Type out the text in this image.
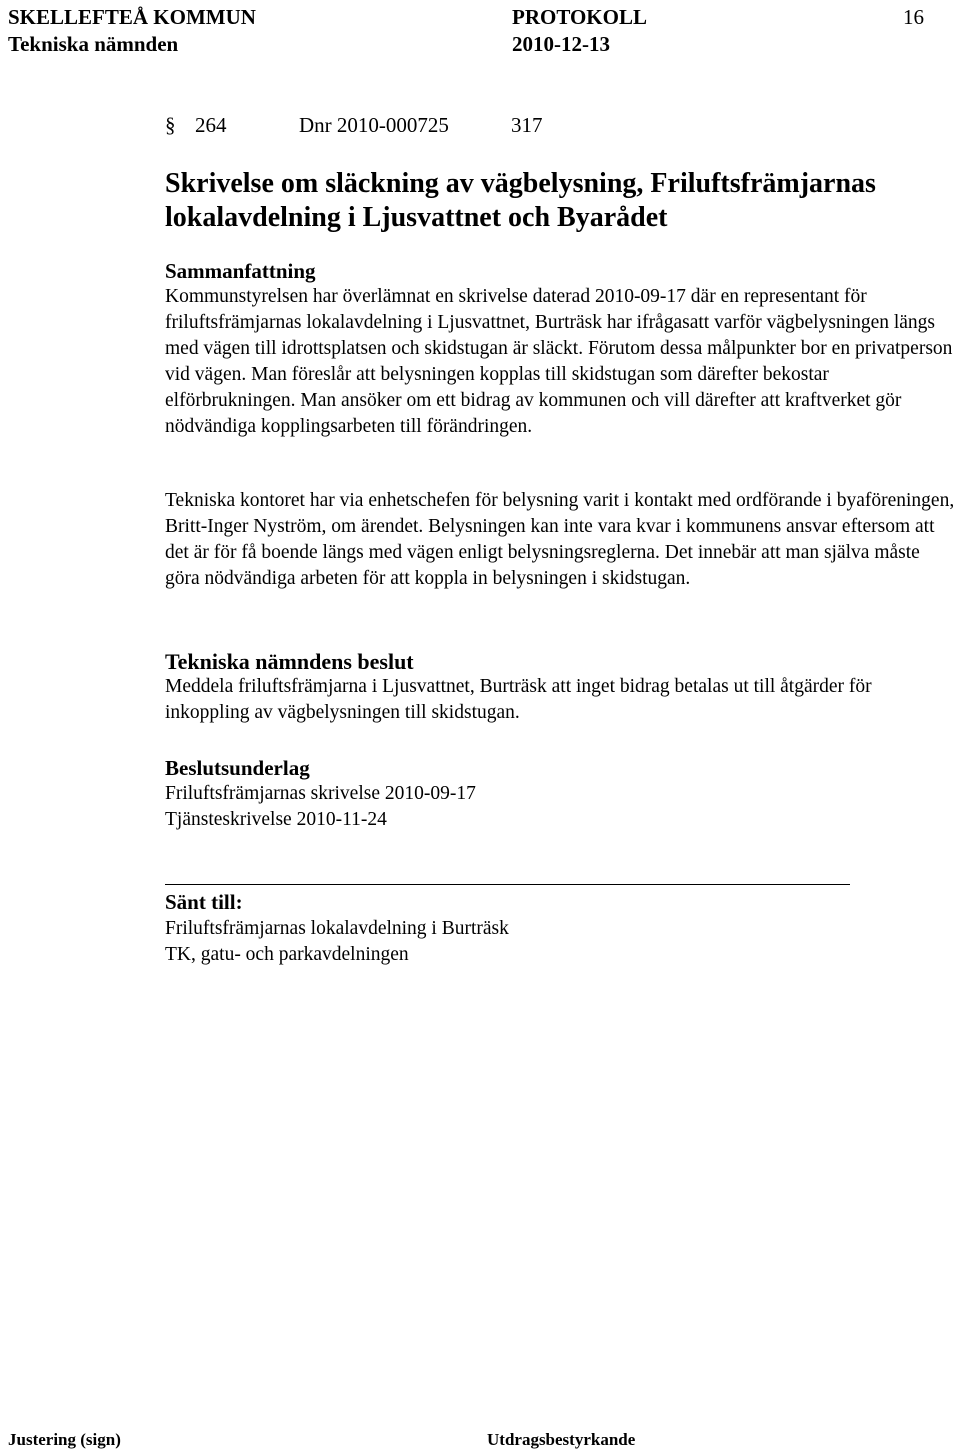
SKELLEFTEÅ KOMMUN	PROTOKOLL	16
Tekniska nämnden	2010-12-13
§ 264	Dnr 2010-000725	317
Skrivelse om släckning av vägbelysning, Friluftsfrämjarnas lokalavdelning i Ljusvattnet och Byarådet
Sammanfattning

Kommunstyrelsen har överlämnat en skrivelse daterad 2010-09-17 där en representant för friluftsfrämjarnas lokalavdelning i Ljusvattnet, Burträsk har ifrågasatt varför vägbelysningen längs med vägen till idrottsplatsen och skidstugan är släckt. Förutom dessa målpunkter bor en privatperson vid vägen. Man föreslår att belysningen kopplas till skidstugan som därefter bekostar elförbrukningen. Man ansöker om ett bidrag av kommunen och vill därefter att kraftverket gör nödvändiga kopplingsarbeten till förändringen.

Tekniska kontoret har via enhetschefen för belysning varit i kontakt med ordförande i byaföreningen, Britt-Inger Nyström, om ärendet. Belysningen kan inte vara kvar i kommunens ansvar eftersom att det är för få boende längs med vägen enligt belysningsreglerna. Det innebär att man själva måste göra nödvändiga arbeten för att koppla in belysningen i skidstugan.

Tekniska nämndens beslut

Meddela friluftsfrämjarna i Ljusvattnet, Burträsk att inget bidrag betalas ut till åtgärder för inkoppling av vägbelysningen till skidstugan.

Beslutsunderlag
Friluftsfrämjarnas skrivelse 2010-09-17
Tjänsteskrivelse 2010-11-24
Sänt till:
Friluftsfrämjarnas lokalavdelning i Burträsk
TK, gatu- och parkavdelningen
Justering (sign)	Utdragsbestyrkande
